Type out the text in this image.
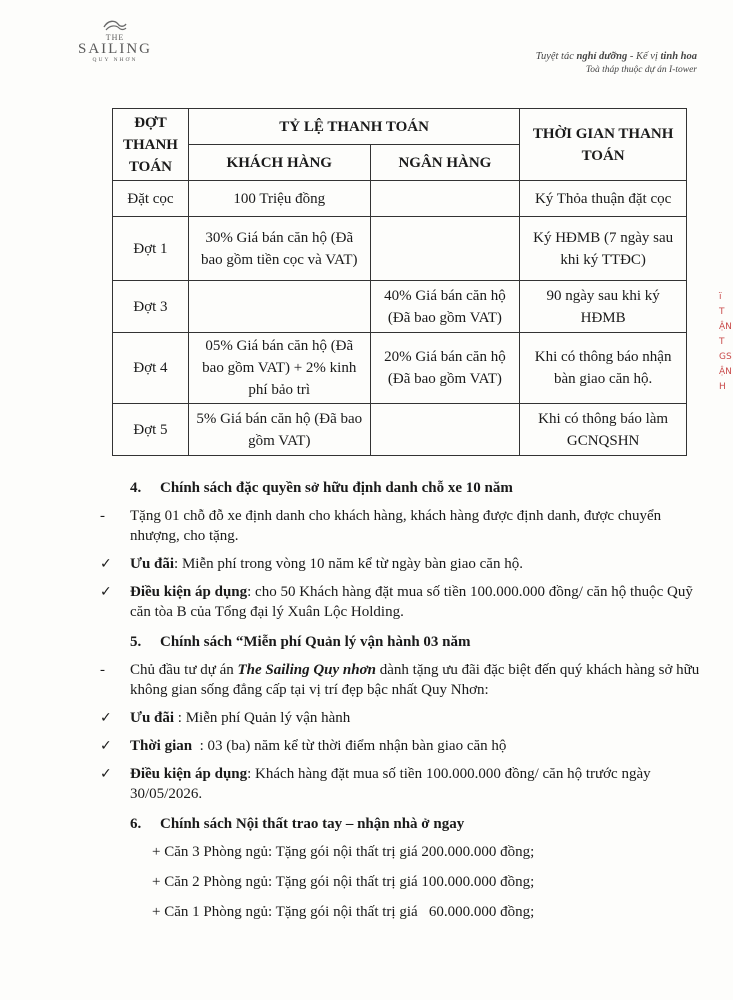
THE
SAILING
QUY NHƠN	Tuyệt tác nghỉ dưỡng - Kế vị tinh hoa
Toà tháp thuộc dự án I-tower
ĐỢT THANH TOÁN	TỶ LỆ THANH TOÁN		THỜI GIAN THANH TOÁN
	KHÁCH HÀNG	NGÂN HÀNG	
Đặt cọc	100 Triệu đồng		Ký Thỏa thuận đặt cọc
Đợt 1	30% Giá bán căn hộ (Đã bao gồm tiền cọc và VAT)		Ký HĐMB (7 ngày sau khi ký TTĐC)
Đợt 3		40% Giá bán căn hộ (Đã bao gồm VAT)	90 ngày sau khi ký HĐMB
Đợt 4	05% Giá bán căn hộ (Đã bao gồm VAT) + 2% kinh phí bảo trì	20% Giá bán căn hộ (Đã bao gồm VAT)	Khi có thông báo nhận bàn giao căn hộ.
Đợt 5	5% Giá bán căn hộ (Đã bao gồm VAT)		Khi có thông báo làm GCNQSHN
4.	Chính sách đặc quyền sở hữu định danh chỗ xe 10 năm
-	Tặng 01 chỗ đỗ xe định danh cho khách hàng, khách hàng được định danh, được chuyển nhượng, cho tặng.
✓	Ưu đãi: Miễn phí trong vòng 10 năm kể từ ngày bàn giao căn hộ.
✓	Điều kiện áp dụng: cho 50 Khách hàng đặt mua số tiền 100.000.000 đồng/ căn hộ thuộc Quỹ căn tòa B của Tổng đại lý Xuân Lộc Holding.
5.	Chính sách “Miễn phí Quản lý vận hành 03 năm
-	Chủ đầu tư dự án The Sailing Quy nhơn dành tặng ưu đãi đặc biệt đến quý khách hàng sở hữu không gian sống đẳng cấp tại vị trí đẹp bậc nhất Quy Nhơn:
✓	Ưu đãi : Miễn phí Quản lý vận hành
✓	Thời gian  : 03 (ba) năm kể từ thời điểm nhận bàn giao căn hộ
✓	Điều kiện áp dụng: Khách hàng đặt mua số tiền 100.000.000 đồng/ căn hộ trước ngày 30/05/2026.
6.	Chính sách Nội thất trao tay – nhận nhà ở ngay
+ Căn 3 Phòng ngủ: Tặng gói nội thất trị giá 200.000.000 đồng;
+ Căn 2 Phòng ngủ: Tặng gói nội thất trị giá 100.000.000 đồng;
+ Căn 1 Phòng ngủ: Tặng gói nội thất trị giá   60.000.000 đồng;
ï
T
ẬN
T
GS
ẬN
H
